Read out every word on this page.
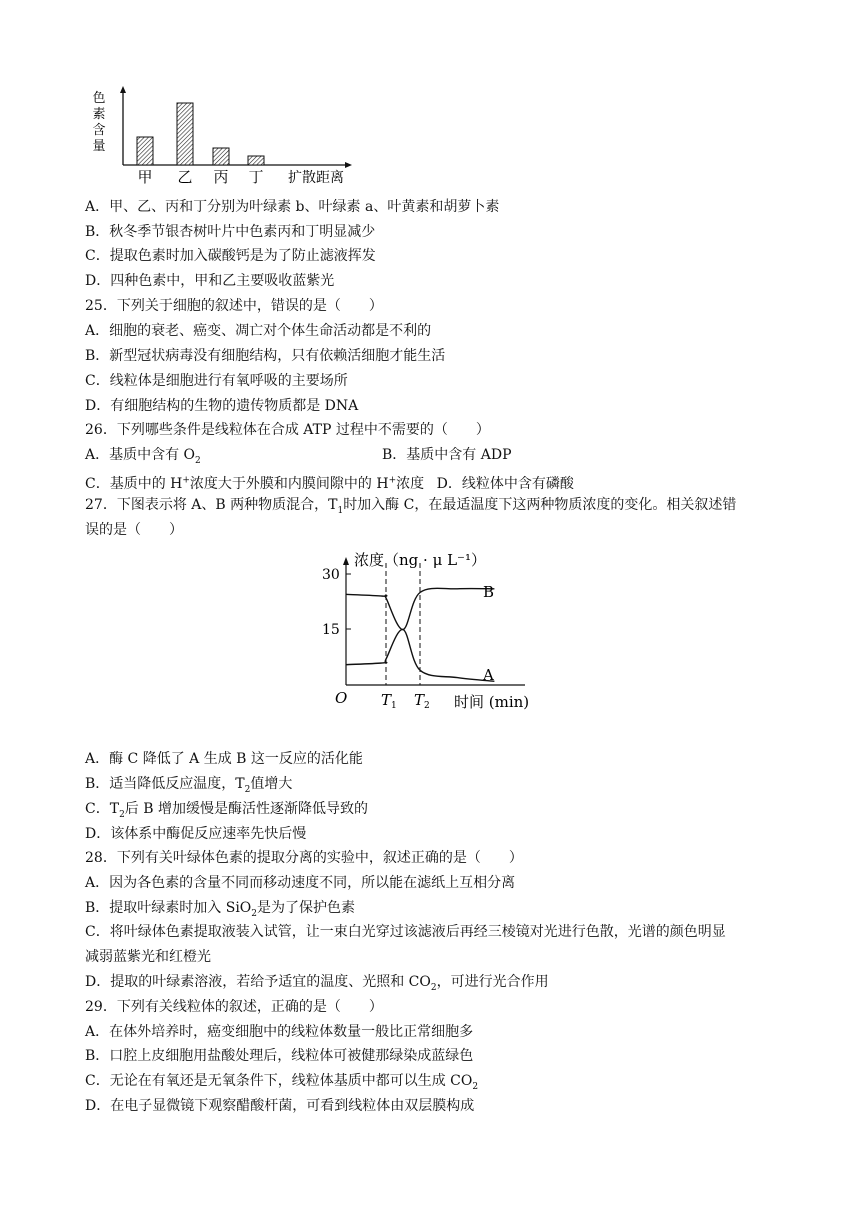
色
素
含
量
甲 乙 丙 丁 扩散距离
A．甲、乙、丙和丁分别为叶绿素 b、叶绿素 a、叶黄素和胡萝卜素
B．秋冬季节银杏树叶片中色素丙和丁明显减少
C．提取色素时加入碳酸钙是为了防止滤液挥发
D．四种色素中，甲和乙主要吸收蓝紫光
25．下列关于细胞的叙述中，错误的是（　　）
A．细胞的衰老、癌变、凋亡对个体生命活动都是不利的
B．新型冠状病毒没有细胞结构，只有依赖活细胞才能生活
C．线粒体是细胞进行有氧呼吸的主要场所
D．有细胞结构的生物的遗传物质都是 DNA
26．下列哪些条件是线粒体在合成 ATP 过程中不需要的（　　）
A．基质中含有 $O_2$	B．基质中含有 ADP
C．基质中的 H+浓度大于外膜和内膜间隙中的 H+浓度 D．线粒体中含有磷酸
27．下图表示将 A、B 两种物质混合，$T_1$时加入酶 C，在最适温度下这两种物质浓度的变化。相关叙述错
误的是（　　）
浓度（ng · μ L⁻¹）
30
15
B
A
O $T_1$ $T_2$ 时间 (min)
A．酶 C 降低了 A 生成 B 这一反应的活化能
B．适当降低反应温度，$T_2$值增大
C．$T_2$后 B 增加缓慢是酶活性逐渐降低导致的
D．该体系中酶促反应速率先快后慢
28．下列有关叶绿体色素的提取分离的实验中，叙述正确的是（　　）
A．因为各色素的含量不同而移动速度不同，所以能在滤纸上互相分离
B．提取叶绿素时加入 SiO$_2$是为了保护色素
C．将叶绿体色素提取液装入试管，让一束白光穿过该滤液后再经三棱镜对光进行色散，光谱的颜色明显
减弱蓝紫光和红橙光
D．提取的叶绿素溶液，若给予适宜的温度、光照和 $CO_2$，可进行光合作用
29．下列有关线粒体的叙述，正确的是（　　）
A．在体外培养时，癌变细胞中的线粒体数量一般比正常细胞多
B．口腔上皮细胞用盐酸处理后，线粒体可被健那绿染成蓝绿色
C．无论在有氧还是无氧条件下，线粒体基质中都可以生成 $CO_2$
D．在电子显微镜下观察醋酸杆菌，可看到线粒体由双层膜构成
